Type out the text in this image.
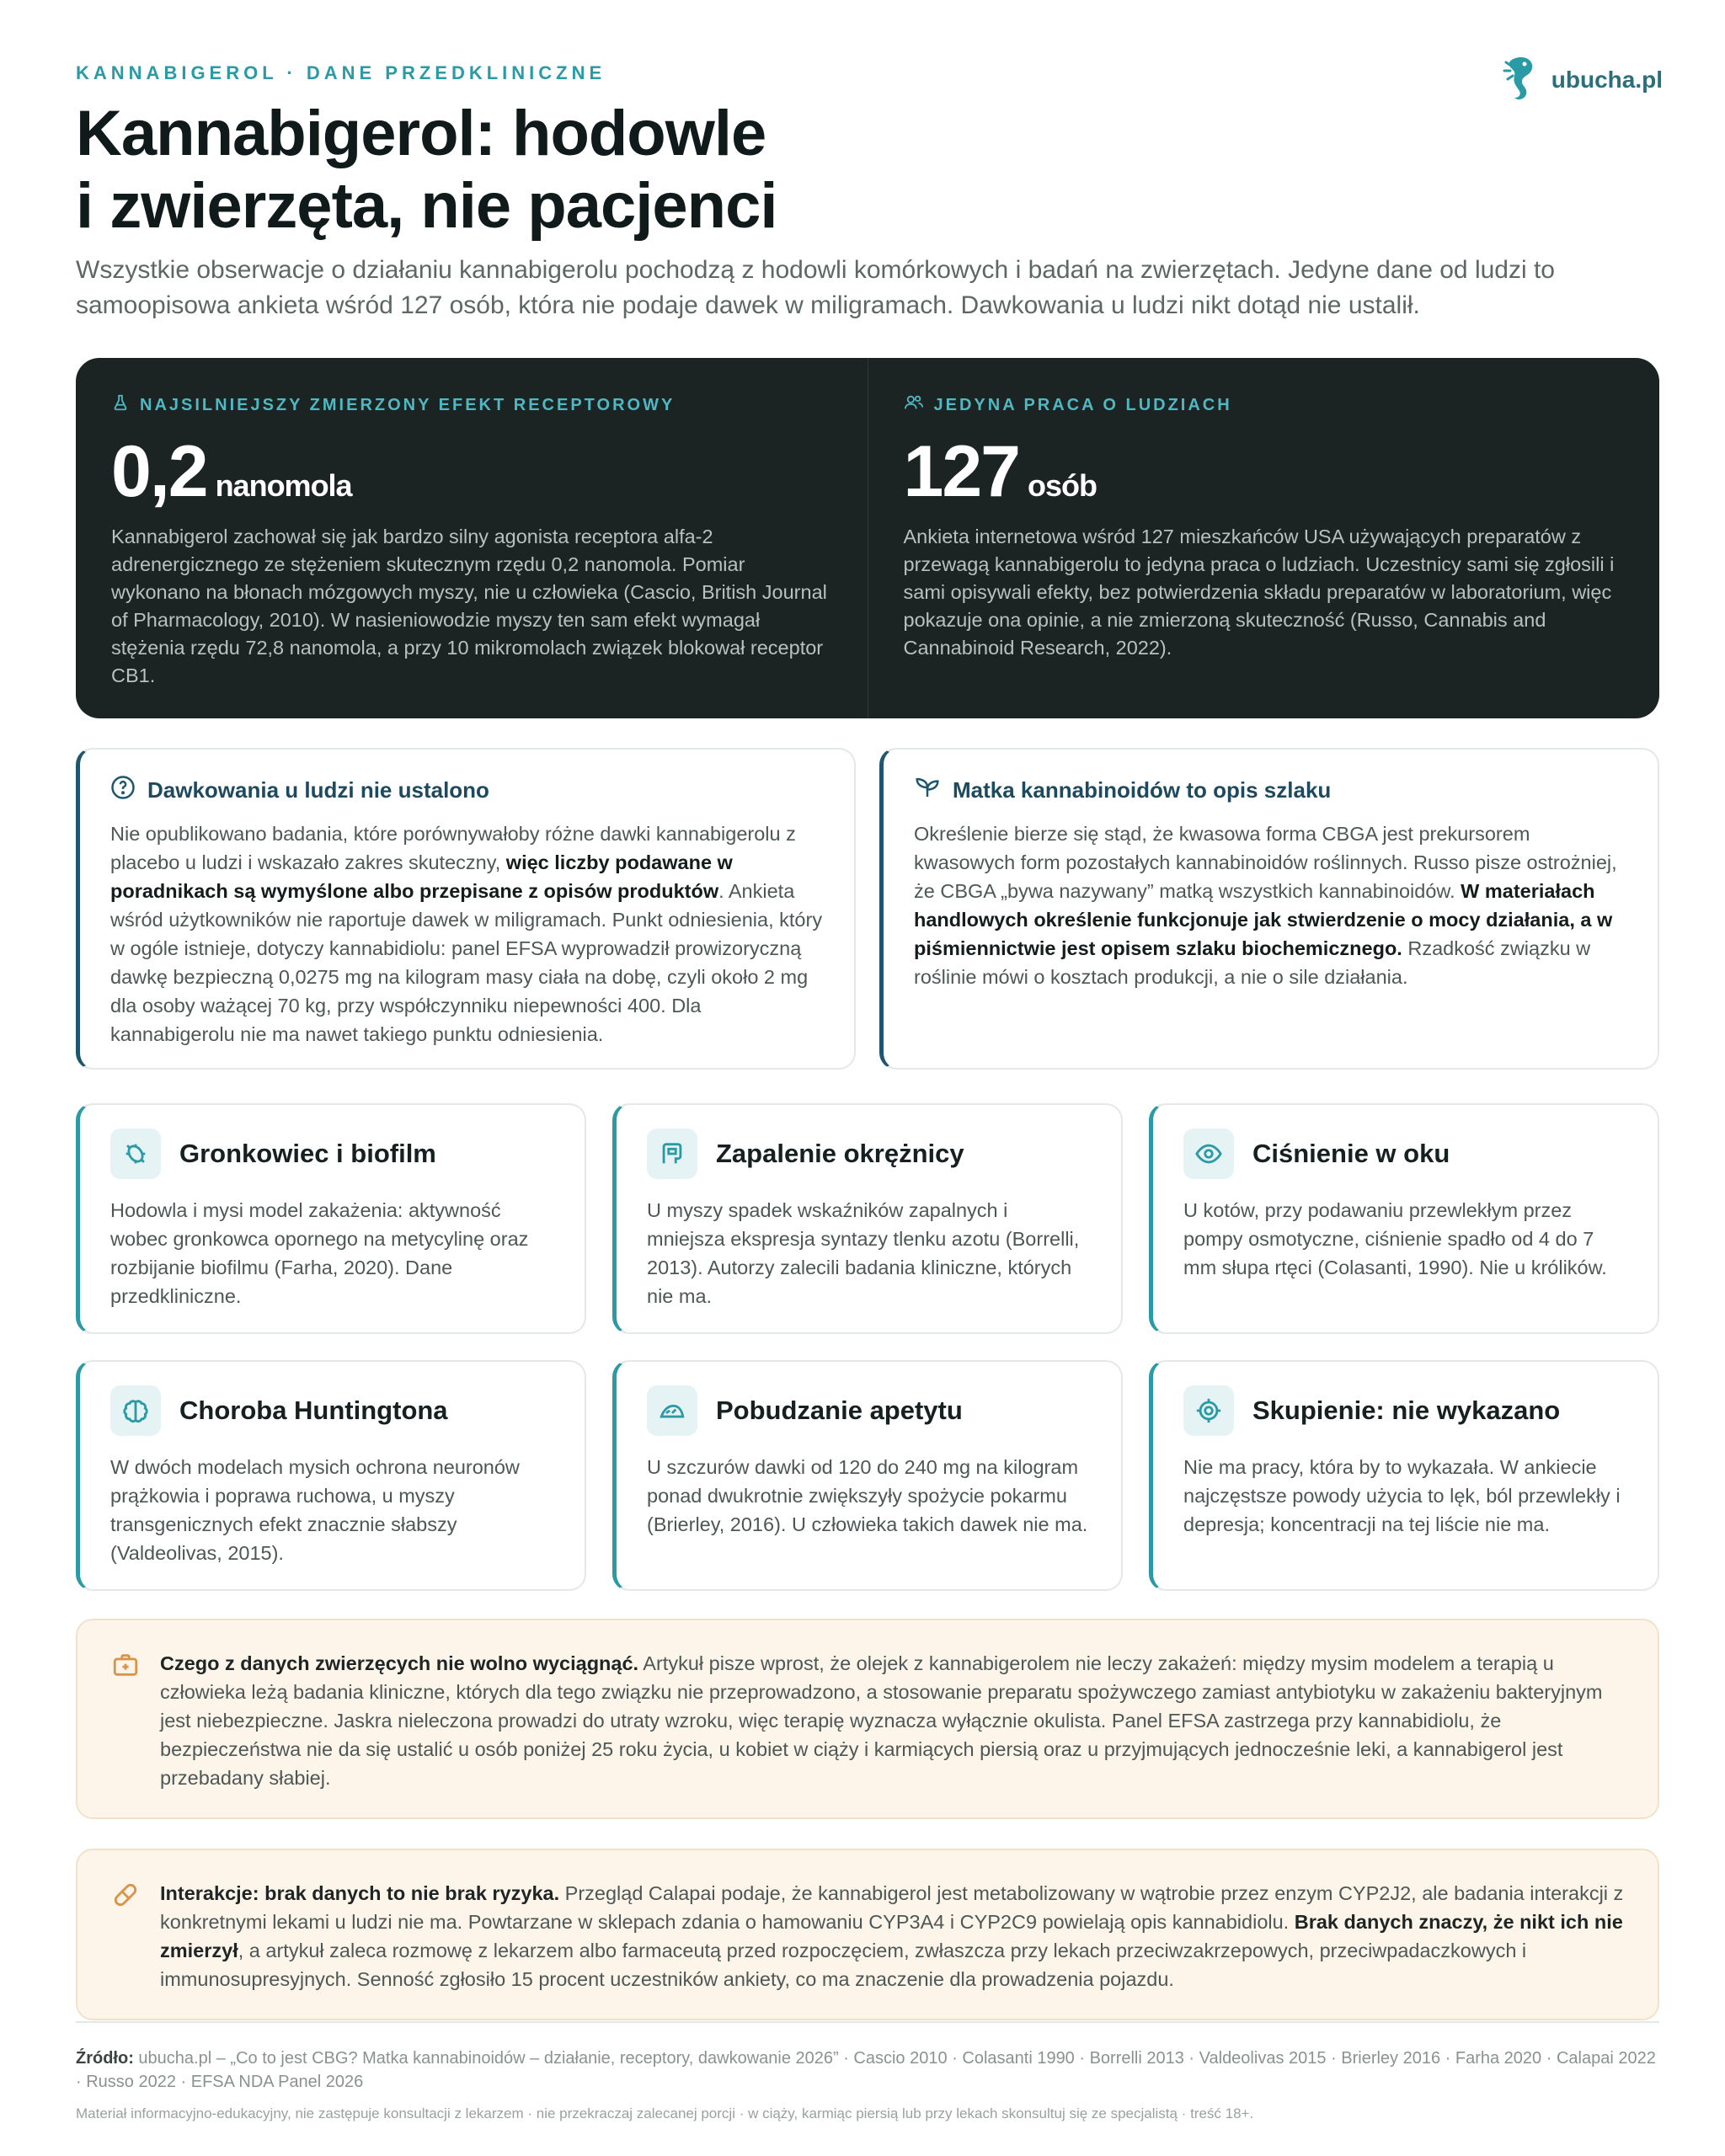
KANNABIGEROL · DANE PRZEDKLINICZNE	ubucha.pl
Kannabigerol: hodowle
i zwierzęta, nie pacjenci

Wszystkie obserwacje o działaniu kannabigerolu pochodzą z hodowli komórkowych i badań na zwierzętach. Jedyne dane od ludzi to samoopisowa ankieta wśród 127 osób, która nie podaje dawek w miligramach. Dawkowania u ludzi nikt dotąd nie ustalił.

NAJSILNIEJSZY ZMIERZONY EFEKT RECEPTOROWY
0,2 nanomola

Kannabigerol zachował się jak bardzo silny agonista receptora alfa-2 adrenergicznego ze stężeniem skutecznym rzędu 0,2 nanomola. Pomiar wykonano na błonach mózgowych myszy, nie u człowieka (Cascio, British Journal of Pharmacology, 2010). W nasieniowodzie myszy ten sam efekt wymagał stężenia rzędu 72,8 nanomola, a przy 10 mikromolach związek blokował receptor CB1.

JEDYNA PRACA O LUDZIACH
127 osób

Ankieta internetowa wśród 127 mieszkańców USA używających preparatów z przewagą kannabigerolu to jedyna praca o ludziach. Uczestnicy sami się zgłosili i sami opisywali efekty, bez potwierdzenia składu preparatów w laboratorium, więc pokazuje ona opinie, a nie zmierzoną skuteczność (Russo, Cannabis and Cannabinoid Research, 2022).

Dawkowania u ludzi nie ustalono

Nie opublikowano badania, które porównywałoby różne dawki kannabigerolu z placebo u ludzi i wskazało zakres skuteczny, więc liczby podawane w poradnikach są wymyślone albo przepisane z opisów produktów. Ankieta wśród użytkowników nie raportuje dawek w miligramach. Punkt odniesienia, który w ogóle istnieje, dotyczy kannabidiolu: panel EFSA wyprowadził prowizoryczną dawkę bezpieczną 0,0275 mg na kilogram masy ciała na dobę, czyli około 2 mg dla osoby ważącej 70 kg, przy współczynniku niepewności 400. Dla kannabigerolu nie ma nawet takiego punktu odniesienia.

Matka kannabinoidów to opis szlaku

Określenie bierze się stąd, że kwasowa forma CBGA jest prekursorem kwasowych form pozostałych kannabinoidów roślinnych. Russo pisze ostrożniej, że CBGA „bywa nazywany” matką wszystkich kannabinoidów. W materiałach handlowych określenie funkcjonuje jak stwierdzenie o mocy działania, a w piśmiennictwie jest opisem szlaku biochemicznego. Rzadkość związku w roślinie mówi o kosztach produkcji, a nie o sile działania.

Gronkowiec i biofilm

Hodowla i mysi model zakażenia: aktywność wobec gronkowca opornego na metycylinę oraz rozbijanie biofilmu (Farha, 2020). Dane przedkliniczne.

Zapalenie okrężnicy

U myszy spadek wskaźników zapalnych i mniejsza ekspresja syntazy tlenku azotu (Borrelli, 2013). Autorzy zalecili badania kliniczne, których nie ma.

Ciśnienie w oku

U kotów, przy podawaniu przewlekłym przez pompy osmotyczne, ciśnienie spadło od 4 do 7 mm słupa rtęci (Colasanti, 1990). Nie u królików.

Choroba Huntingtona

W dwóch modelach mysich ochrona neuronów prążkowia i poprawa ruchowa, u myszy transgenicznych efekt znacznie słabszy (Valdeolivas, 2015).

Pobudzanie apetytu

U szczurów dawki od 120 do 240 mg na kilogram ponad dwukrotnie zwiększyły spożycie pokarmu (Brierley, 2016). U człowieka takich dawek nie ma.

Skupienie: nie wykazano

Nie ma pracy, która by to wykazała. W ankiecie najczęstsze powody użycia to lęk, ból przewlekły i depresja; koncentracji na tej liście nie ma.

Czego z danych zwierzęcych nie wolno wyciągnąć. Artykuł pisze wprost, że olejek z kannabigerolem nie leczy zakażeń: między mysim modelem a terapią u człowieka leżą badania kliniczne, których dla tego związku nie przeprowadzono, a stosowanie preparatu spożywczego zamiast antybiotyku w zakażeniu bakteryjnym jest niebezpieczne. Jaskra nieleczona prowadzi do utraty wzroku, więc terapię wyznacza wyłącznie okulista. Panel EFSA zastrzega przy kannabidiolu, że bezpieczeństwa nie da się ustalić u osób poniżej 25 roku życia, u kobiet w ciąży i karmiących piersią oraz u przyjmujących jednocześnie leki, a kannabigerol jest przebadany słabiej.

Interakcje: brak danych to nie brak ryzyka. Przegląd Calapai podaje, że kannabigerol jest metabolizowany w wątrobie przez enzym CYP2J2, ale badania interakcji z konkretnymi lekami u ludzi nie ma. Powtarzane w sklepach zdania o hamowaniu CYP3A4 i CYP2C9 powielają opis kannabidiolu. Brak danych znaczy, że nikt ich nie zmierzył, a artykuł zaleca rozmowę z lekarzem albo farmaceutą przed rozpoczęciem, zwłaszcza przy lekach przeciwzakrzepowych, przeciwpadaczkowych i immunosupresyjnych. Senność zgłosiło 15 procent uczestników ankiety, co ma znaczenie dla prowadzenia pojazdu.

Źródło: ubucha.pl – „Co to jest CBG? Matka kannabinoidów – działanie, receptory, dawkowanie 2026” · Cascio 2010 · Colasanti 1990 · Borrelli 2013 · Valdeolivas 2015 · Brierley 2016 · Farha 2020 · Calapai 2022 · Russo 2022 · EFSA NDA Panel 2026

Materiał informacyjno-edukacyjny, nie zastępuje konsultacji z lekarzem · nie przekraczaj zalecanej porcji · w ciąży, karmiąc piersią lub przy lekach skonsultuj się ze specjalistą · treść 18+.
